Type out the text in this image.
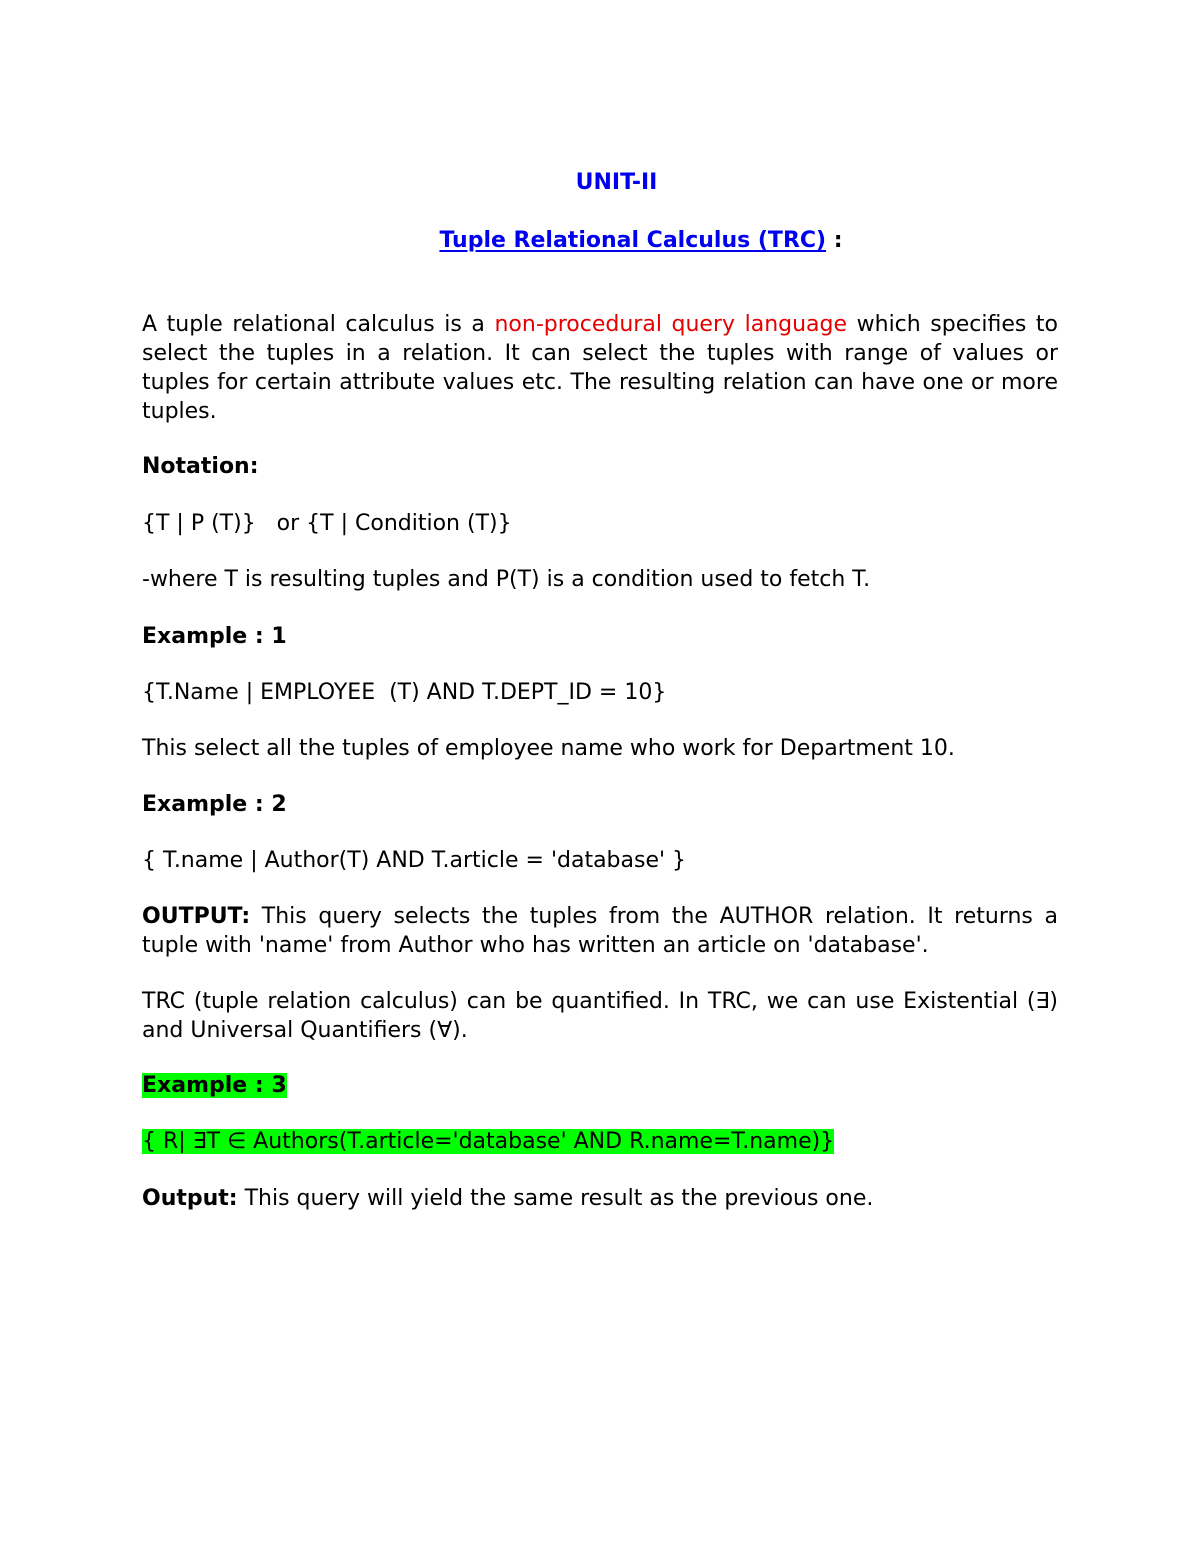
UNIT-II
Tuple Relational Calculus (TRC) :
A tuple relational calculus is a non-procedural query language which specifies to select the tuples in a relation. It can select the tuples with range of values or tuples for certain attribute values etc. The resulting relation can have one or more tuples.
Notation:
{T | P (T)}   or {T | Condition (T)}
-where T is resulting tuples and P(T) is a condition used to fetch T.
Example : 1
{T.Name | EMPLOYEE  (T) AND T.DEPT_ID = 10}
This select all the tuples of employee name who work for Department 10.
Example : 2
{ T.name | Author(T) AND T.article = 'database' }
OUTPUT: This query selects the tuples from the AUTHOR relation. It returns a tuple with 'name' from Author who has written an article on 'database'.
TRC (tuple relation calculus) can be quantified. In TRC, we can use Existential (∃) and Universal Quantifiers (∀).
Example : 3
{ R| ∃T ∈ Authors(T.article='database' AND R.name=T.name)}
Output: This query will yield the same result as the previous one.
